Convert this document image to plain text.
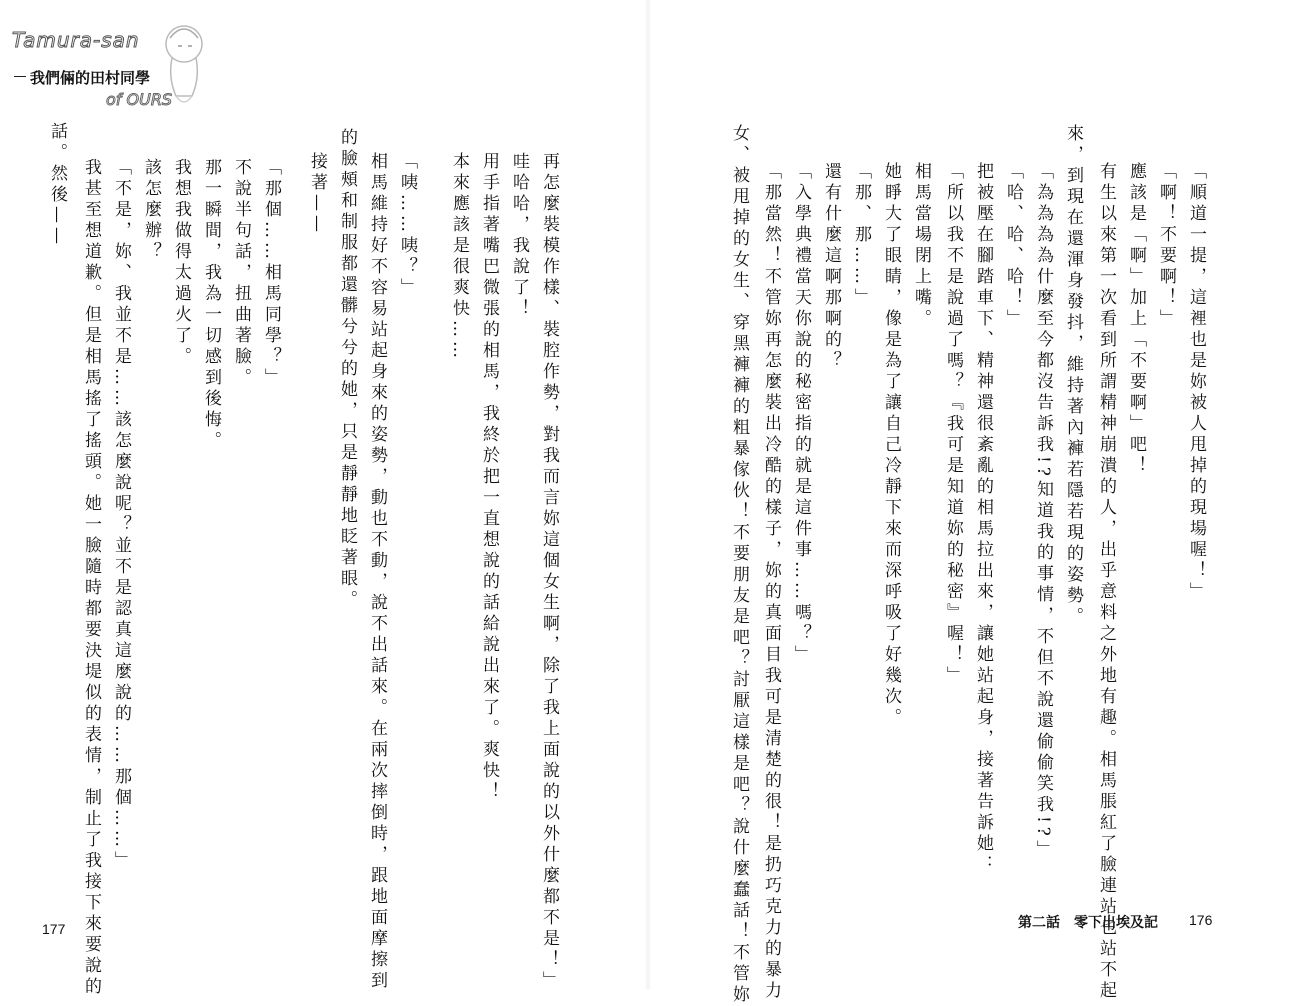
Tamura-san
我們倆的田村同學
of OURS

再怎麼裝模作樣、裝腔作勢，對我而言妳這個女生啊，除了我上面說的以外什麼都不是！」

哇哈哈，我說了！

用手指著嘴巴微張的相馬，我終於把一直想說的話給說出來了。爽快！

本來應該是很爽快……

「咦……咦？」

相馬維持好不容易站起身來的姿勢，動也不動，說不出話來。在兩次摔倒時，跟地面摩擦到

的臉頰和制服都還髒兮兮的她，只是靜靜地眨著眼。

接著——

「那個……相馬同學？」

不說半句話，扭曲著臉。

那一瞬間，我為一切感到後悔。

我想我做得太過火了。

該怎麼辦？

「不是，妳、我並不是……該怎麼說呢？並不是認真這麼說的……那個……」

我甚至想道歉。但是相馬搖了搖頭。她一臉隨時都要決堤似的表情，制止了我接下來要說的

話。然後——

177

「順道一提，這裡也是妳被人甩掉的現場喔！」

「啊！不要啊！」

應該是「啊」加上「不要啊」吧！

有生以來第一次看到所謂精神崩潰的人，出乎意料之外地有趣。相馬脹紅了臉連站也站不起

來，到現在還渾身發抖，維持著內褲若隱若現的姿勢。

「為為為為什麼至今都沒告訴我!?知道我的事情，不但不說還偷偷笑我!?」

「哈、哈、哈！」

把被壓在腳踏車下、精神還很紊亂的相馬拉出來，讓她站起身，接著告訴她：

「所以我不是說過了嗎？『我可是知道妳的秘密』喔！」

相馬當場閉上嘴。

她睜大了眼睛，像是為了讓自己冷靜下來而深呼吸了好幾次。

「那、那……」

還有什麼這啊那啊的？

「入學典禮當天你說的秘密指的就是這件事……嗎？」

「那當然！不管妳再怎麼裝出冷酷的樣子，妳的真面目我可是清楚的很！是扔巧克力的暴力

女、被甩掉的女生、穿黑褲褲的粗暴傢伙！不要朋友是吧？討厭這樣是吧？說什麼蠢話！不管妳	第二話　零下出埃及記 176
